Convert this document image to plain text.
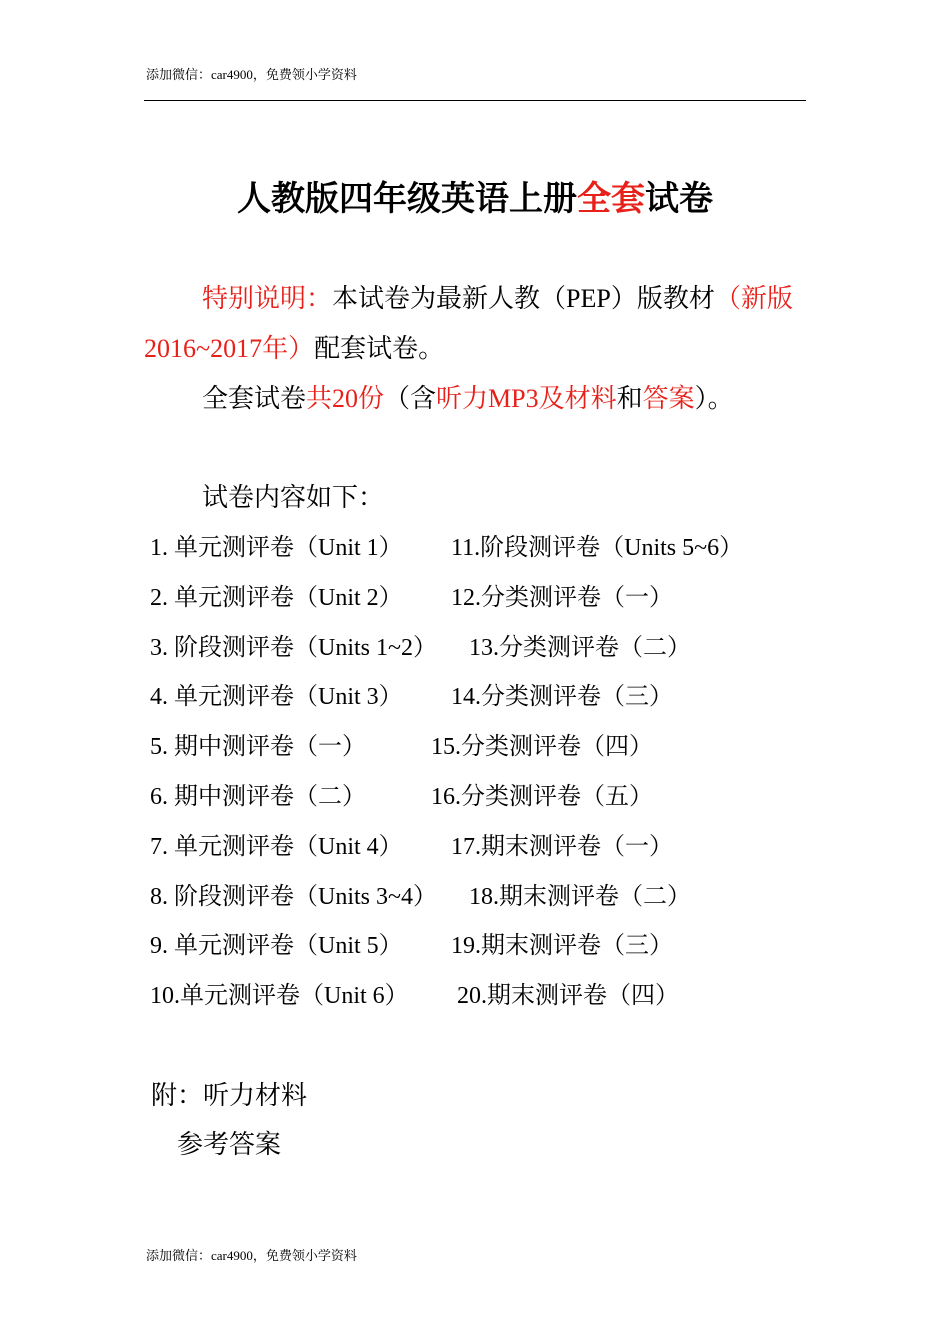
添加微信：car4900，免费领小学资料
人教版四年级英语上册全套试卷
特别说明：本试卷为最新人教（PEP）版教材（新版2016~2017年）配套试卷。
全套试卷共20份（含听力MP3及材料和答案）。
试卷内容如下：
1. 单元测评卷（Unit 1） 11.阶段测评卷（Units 5~6）
2. 单元测评卷（Unit 2） 12.分类测评卷（一）
3. 阶段测评卷（Units 1~2） 13.分类测评卷（二）
4. 单元测评卷（Unit 3） 14.分类测评卷（三）
5. 期中测评卷（一）	15.分类测评卷（四）
6. 期中测评卷（二）	16.分类测评卷（五）
7. 单元测评卷（Unit 4） 17.期末测评卷（一）
8. 阶段测评卷（Units 3~4） 18.期末测评卷（二）
9. 单元测评卷（Unit 5） 19.期末测评卷（三）
10.单元测评卷（Unit 6） 20.期末测评卷（四）
附：听力材料
参考答案
添加微信：car4900，免费领小学资料
